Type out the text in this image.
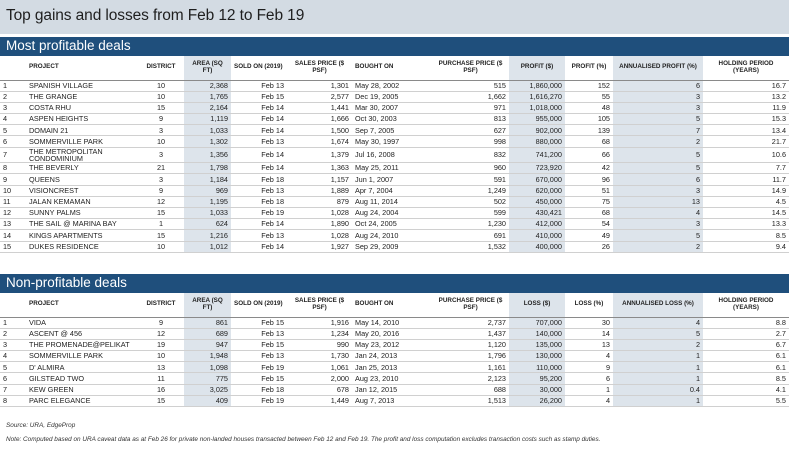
Top gains and losses from Feb 12 to Feb 19
Most profitable deals
	PROJECT	DISTRICT	AREA (SQ FT)	SOLD ON (2019)	SALES PRICE ($ PSF)	BOUGHT ON	PURCHASE PRICE ($ PSF)	PROFIT ($)	PROFIT (%)	ANNUALISED PROFIT (%)	HOLDING PERIOD (YEARS)
1	SPANISH VILLAGE	10	2,368	Feb 13	1,301	May 28, 2002	515	1,860,000	152	6	16.7
2	THE GRANGE	10	1,765	Feb 15	2,577	Dec 19, 2005	1,662	1,616,270	55	3	13.2
3	COSTA RHU	15	2,164	Feb 14	1,441	Mar 30, 2007	971	1,018,000	48	3	11.9
4	ASPEN HEIGHTS	9	1,119	Feb 14	1,666	Oct 30, 2003	813	955,000	105	5	15.3
5	DOMAIN 21	3	1,033	Feb 14	1,500	Sep 7, 2005	627	902,000	139	7	13.4
6	SOMMERVILLE PARK	10	1,302	Feb 13	1,674	May 30, 1997	998	880,000	68	2	21.7
7	THE METROPOLITAN CONDOMINIUM	3	1,356	Feb 14	1,379	Jul 16, 2008	832	741,200	66	5	10.6
8	THE BEVERLY	21	1,798	Feb 14	1,363	May 25, 2011	960	723,920	42	5	7.7
9	QUEENS	3	1,184	Feb 18	1,157	Jun 1, 2007	591	670,000	96	6	11.7
10	VISIONCREST	9	969	Feb 13	1,889	Apr 7, 2004	1,249	620,000	51	3	14.9
11	JALAN KEMAMAN	12	1,195	Feb 18	879	Aug 11, 2014	502	450,000	75	13	4.5
12	SUNNY PALMS	15	1,033	Feb 19	1,028	Aug 24, 2004	599	430,421	68	4	14.5
13	THE SAIL @ MARINA BAY	1	624	Feb 14	1,890	Oct 24, 2005	1,230	412,000	54	3	13.3
14	KINGS APARTMENTS	15	1,216	Feb 13	1,028	Aug 24, 2010	691	410,000	49	5	8.5
15	DUKES RESIDENCE	10	1,012	Feb 14	1,927	Sep 29, 2009	1,532	400,000	26	2	9.4
Non-profitable deals
	PROJECT	DISTRICT	AREA (SQ FT)	SOLD ON (2019)	SALES PRICE ($ PSF)	BOUGHT ON	PURCHASE PRICE ($ PSF)	LOSS ($)	LOSS (%)	ANNUALISED LOSS (%)	HOLDING PERIOD (YEARS)
1	VIDA	9	861	Feb 15	1,916	May 14, 2010	2,737	707,000	30	4	8.8
2	ASCENT @ 456	12	689	Feb 13	1,234	May 20, 2016	1,437	140,000	14	5	2.7
3	THE PROMENADE@PELIKAT	19	947	Feb 15	990	May 23, 2012	1,120	135,000	13	2	6.7
4	SOMMERVILLE PARK	10	1,948	Feb 13	1,730	Jan 24, 2013	1,796	130,000	4	1	6.1
5	D' ALMIRA	13	1,098	Feb 19	1,061	Jan 25, 2013	1,161	110,000	9	1	6.1
6	GILSTEAD TWO	11	775	Feb 15	2,000	Aug 23, 2010	2,123	95,200	6	1	8.5
7	KEW GREEN	16	3,025	Feb 18	678	Jan 12, 2015	688	30,000	1	0.4	4.1
8	PARC ELEGANCE	15	409	Feb 19	1,449	Aug 7, 2013	1,513	26,200	4	1	5.5
Source: URA, EdgeProp
Note: Computed based on URA caveat data as at Feb 26 for private non-landed houses transacted between Feb 12 and Feb 19. The profit and loss computation excludes transaction costs such as stamp duties.
